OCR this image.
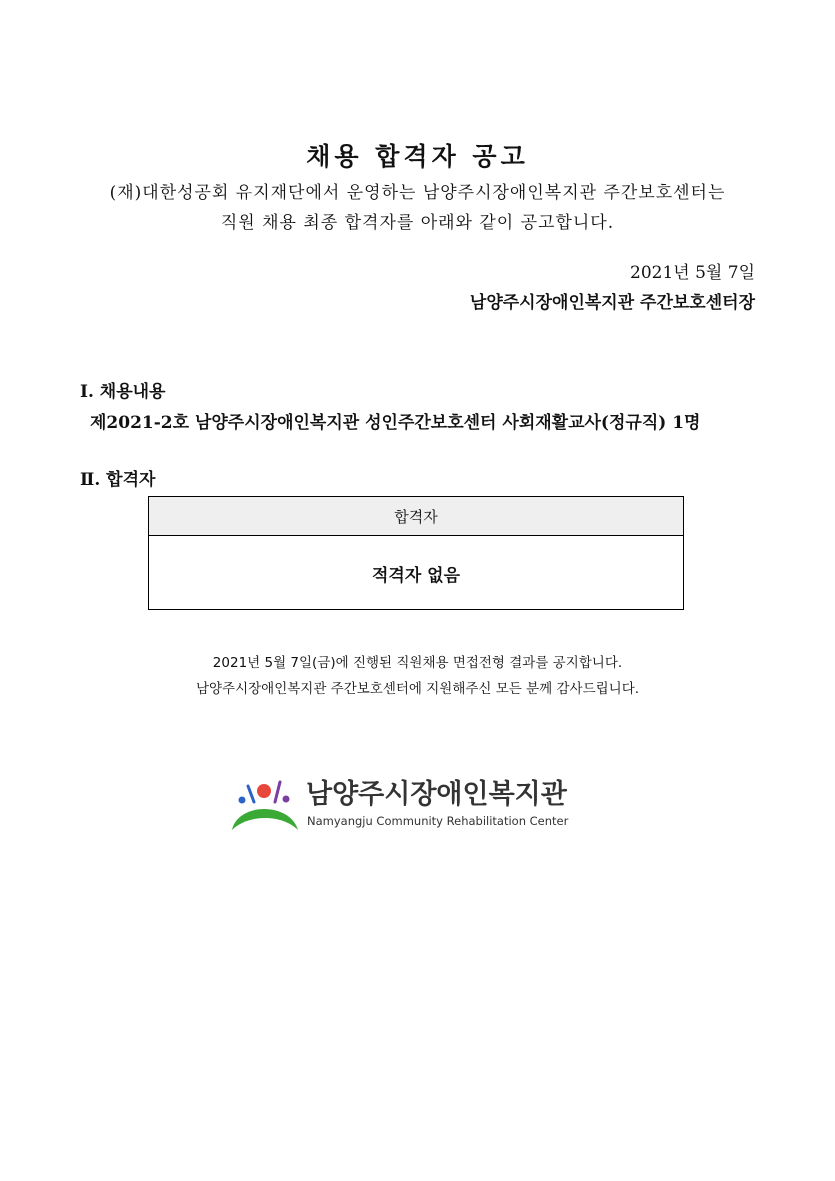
채용 합격자 공고
(재)대한성공회 유지재단에서 운영하는 남양주시장애인복지관 주간보호센터는
직원 채용 최종 합격자를 아래와 같이 공고합니다.
2021년 5월 7일
남양주시장애인복지관 주간보호센터장
Ⅰ. 채용내용
제2021-2호 남양주시장애인복지관 성인주간보호센터 사회재활교사(정규직) 1명
Ⅱ. 합격자
합격자
적격자 없음
2021년 5월 7일(금)에 진행된 직원채용 면접전형 결과를 공지합니다.
남양주시장애인복지관 주간보호센터에 지원해주신 모든 분께 감사드립니다.
남양주시장애인복지관
Namyangju Community Rehabilitation Center
